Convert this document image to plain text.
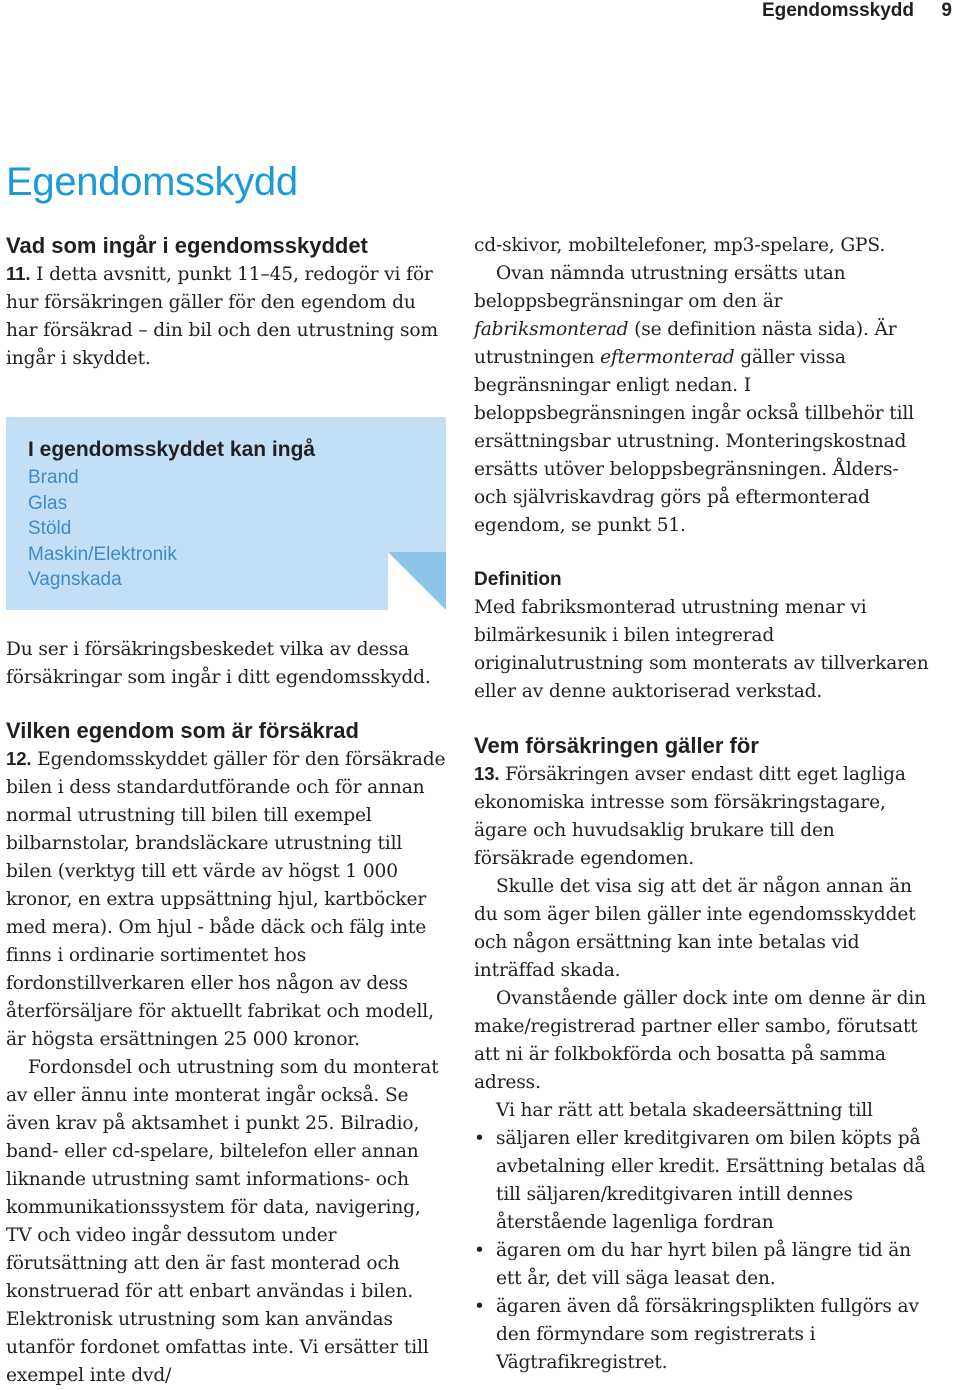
Egendomsskydd 9
Egendomsskydd
Vad som ingår i egendomsskyddet

11. I detta avsnitt, punkt 11–45, redogör vi för hur försäkringen gäller för den egendom du har försäkrad – din bil och den utrustning som ingår i skyddet.

I egendomsskyddet kan ingå
Brand
Glas
Stöld
Maskin/Elektronik
Vagnskada

Du ser i försäkringsbeskedet vilka av dessa försäkringar som ingår i ditt egendomsskydd.

Vilken egendom som är försäkrad

12. Egendomsskyddet gäller för den försäkrade bilen i dess standardutförande och för annan normal utrustning till bilen till exempel bilbarnstolar, brandsläckare utrustning till bilen (verktyg till ett värde av högst 1 000 kronor, en extra uppsättning hjul, kartböcker med mera). Om hjul - både däck och fälg inte finns i ordinarie sortimentet hos fordonstillverkaren eller hos någon av dess återförsäljare för aktuellt fabrikat och modell, är högsta ersättningen 25 000 kronor.

Fordonsdel och utrustning som du monterat av eller ännu inte monterat ingår också. Se även krav på aktsamhet i punkt 25. Bilradio, band- eller cd-spelare, biltelefon eller annan liknande utrustning samt informations- och kommunikationssystem för data, navigering, TV och video ingår dessutom under förutsättning att den är fast monterad och konstruerad för att enbart användas i bilen. Elektronisk utrustning som kan användas utanför fordonet omfattas inte. Vi ersätter till exempel inte dvd/

cd-skivor, mobiltelefoner, mp3-spelare, GPS.

Ovan nämnda utrustning ersätts utan beloppsbegränsningar om den är fabriksmonterad (se definition nästa sida). Är utrustningen eftermonterad gäller vissa begränsningar enligt nedan. I beloppsbegränsningen ingår också tillbehör till ersättningsbar utrustning. Monteringskostnad ersätts utöver beloppsbegränsningen. Ålders- och självriskavdrag görs på eftermonterad egendom, se punkt 51.

Definition

Med fabriksmonterad utrustning menar vi bilmärkesunik i bilen integrerad originalutrustning som monterats av tillverkaren eller av denne auktoriserad verkstad.

Vem försäkringen gäller för

13. Försäkringen avser endast ditt eget lagliga ekonomiska intresse som försäkringstagare, ägare och huvudsaklig brukare till den försäkrade egendomen.

Skulle det visa sig att det är någon annan än du som äger bilen gäller inte egendomsskyddet och någon ersättning kan inte betalas vid inträffad skada.

Ovanstående gäller dock inte om denne är din make/registrerad partner eller sambo, förutsatt att ni är folkbokförda och bosatta på samma adress.

Vi har rätt att betala skadeersättning till

• säljaren eller kreditgivaren om bilen köpts på avbetalning eller kredit. Ersättning betalas då till säljaren/kreditgivaren intill dennes återstående lagenliga fordran
• ägaren om du har hyrt bilen på längre tid än ett år, det vill säga leasat den.
• ägaren även då försäkringsplikten fullgörs av den förmyndare som registrerats i Vägtrafikregistret.
